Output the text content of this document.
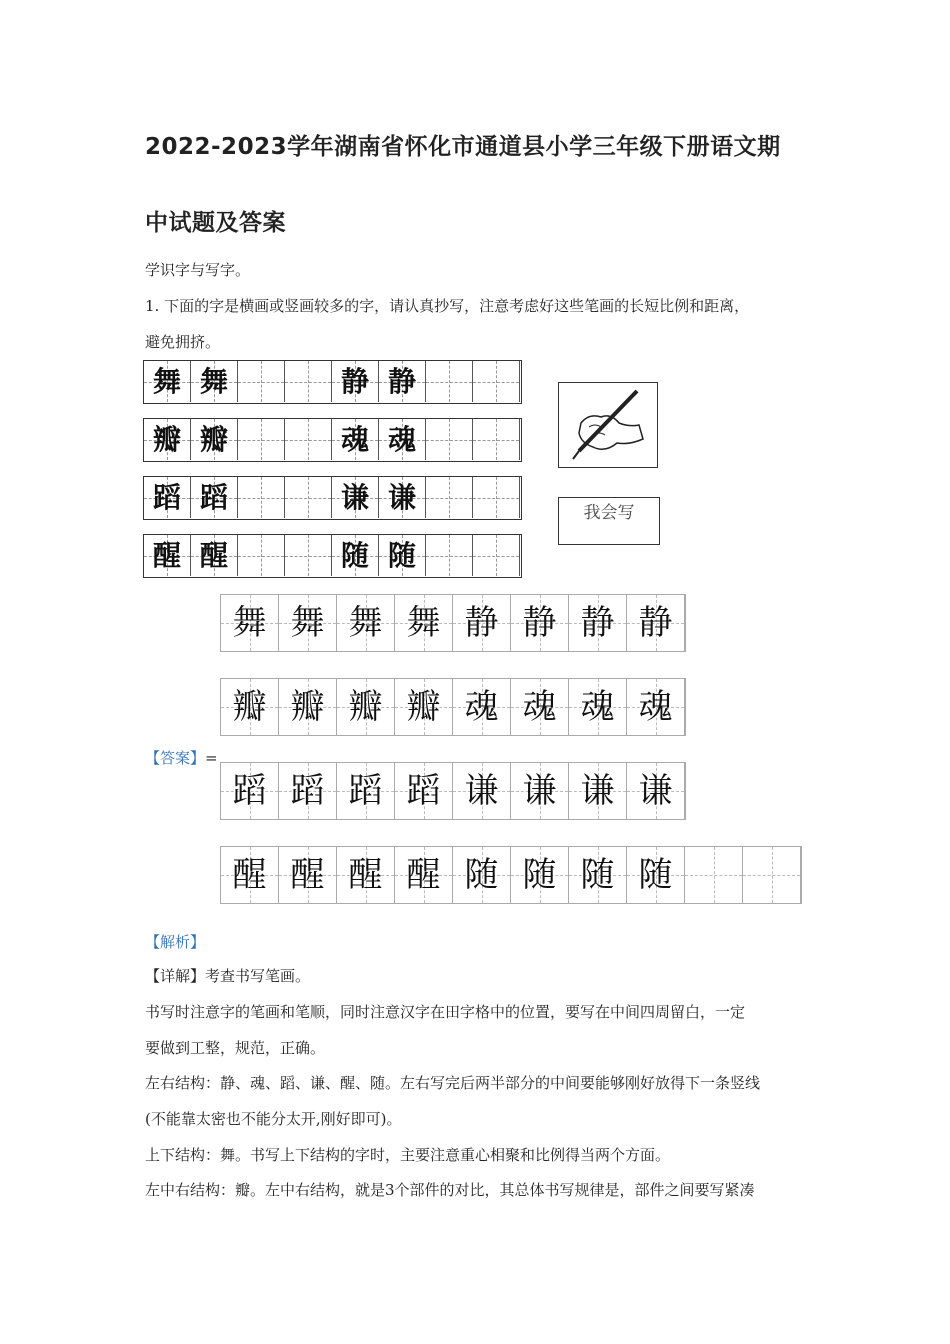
2022-2023学年湖南省怀化市通道县小学三年级下册语文期
中试题及答案
学识字与写字。
1. 下面的字是横画或竖画较多的字，请认真抄写，注意考虑好这些笔画的长短比例和距离，
避免拥挤。
舞 舞	静 静
瓣 瓣	魂 魂
蹈 蹈	谦 谦
醒 醒	随 随
我会写
舞 舞 舞 舞 静 静 静 静
瓣 瓣 瓣 瓣 魂 魂 魂 魂
蹈 蹈 蹈 蹈 谦 谦 谦 谦
醒 醒 醒 醒 随 随 随 随
【答案】=
【解析】
【详解】考查书写笔画。
书写时注意字的笔画和笔顺，同时注意汉字在田字格中的位置，要写在中间四周留白，一定
要做到工整，规范，正确。
左右结构：静、魂、蹈、谦、醒、随。左右写完后两半部分的中间要能够刚好放得下一条竖线
(不能靠太密也不能分太开,刚好即可)。
上下结构：舞。书写上下结构的字时，主要注意重心相聚和比例得当两个方面。
左中右结构：瓣。左中右结构，就是3个部件的对比，其总体书写规律是，部件之间要写紧凑
